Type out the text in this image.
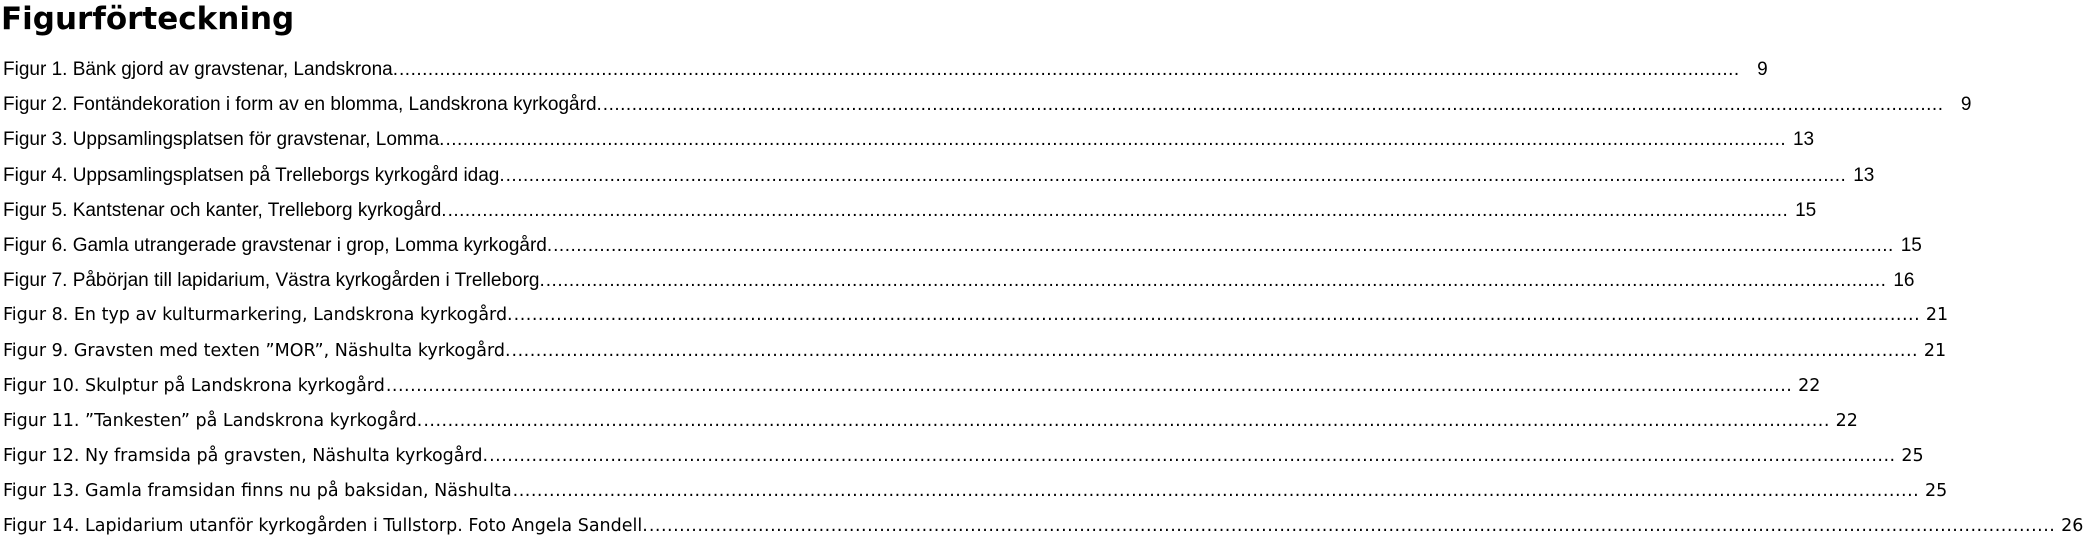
Figurförteckning
Figur 1. Bänk gjord av gravstenar, Landskrona. .....	9
Figur 2. Fontändekoration i form av en blomma, Landskrona kyrkogård. .....	9
Figur 3. Uppsamlingsplatsen för gravstenar, Lomma. .....	13
Figur 4. Uppsamlingsplatsen på Trelleborgs kyrkogård idag. .....	13
Figur 5. Kantstenar och kanter, Trelleborg kyrkogård. .....	15
Figur 6. Gamla utrangerade gravstenar i grop, Lomma kyrkogård. .....	15
Figur 7. Påbörjan till lapidarium, Västra kyrkogården i Trelleborg. .....	16
Figur 8. En typ av kulturmarkering, Landskrona kyrkogård. .....	21
Figur 9. Gravsten med texten ”MOR”, Näshulta kyrkogård. .....	21
Figur 10. Skulptur på Landskrona kyrkogård .....	22
Figur 11. ”Tankesten” på Landskrona kyrkogård. .....	22
Figur 12. Ny framsida på gravsten, Näshulta kyrkogård. .....	25
Figur 13. Gamla framsidan finns nu på baksidan, Näshulta .....	25
Figur 14. Lapidarium utanför kyrkogården i Tullstorp. Foto Angela Sandell. .....	26
